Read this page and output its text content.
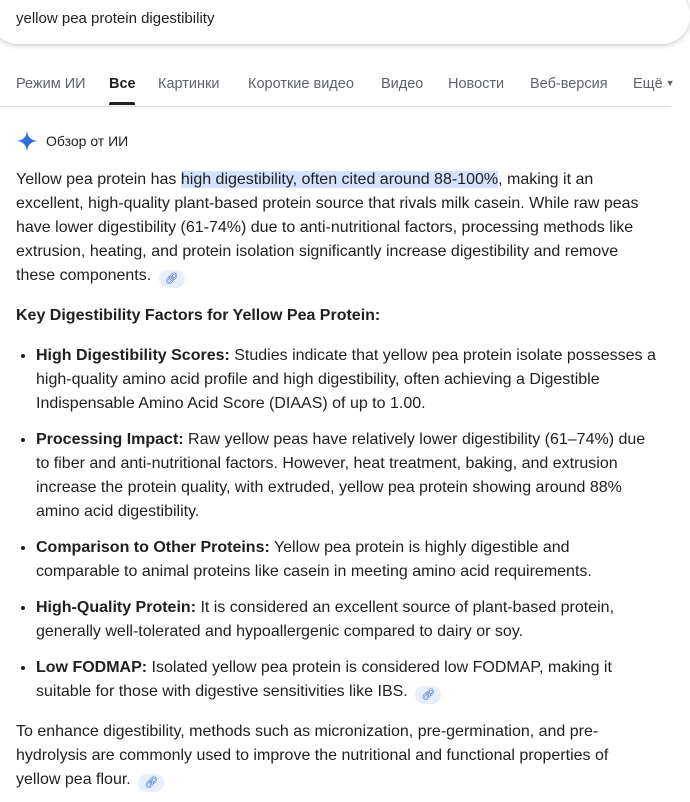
yellow pea protein digestibility
Режим ИИ Все Картинки Короткие видео Видео Новости Веб-версия Ещё ▼
Обзор от ИИ

Yellow pea protein has high digestibility, often cited around 88-100%, making it an excellent, high-quality plant-based protein source that rivals milk casein. While raw peas have lower digestibility (61-74%) due to anti-nutritional factors, processing methods like extrusion, heating, and protein isolation significantly increase digestibility and remove these components. 🔗︎

Key Digestibility Factors for Yellow Pea Protein:

• High Digestibility Scores: Studies indicate that yellow pea protein isolate possesses a high-quality amino acid profile and high digestibility, often achieving a Digestible Indispensable Amino Acid Score (DIAAS) of up to 1.00.
• Processing Impact: Raw yellow peas have relatively lower digestibility (61–74%) due to fiber and anti-nutritional factors. However, heat treatment, baking, and extrusion increase the protein quality, with extruded, yellow pea protein showing around 88% amino acid digestibility.
• Comparison to Other Proteins: Yellow pea protein is highly digestible and comparable to animal proteins like casein in meeting amino acid requirements.
• High-Quality Protein: It is considered an excellent source of plant-based protein, generally well-tolerated and hypoallergenic compared to dairy or soy.
• Low FODMAP: Isolated yellow pea protein is considered low FODMAP, making it suitable for those with digestive sensitivities like IBS. 🔗︎

To enhance digestibility, methods such as micronization, pre-germination, and pre-hydrolysis are commonly used to improve the nutritional and functional properties of yellow pea flour. 🔗︎
